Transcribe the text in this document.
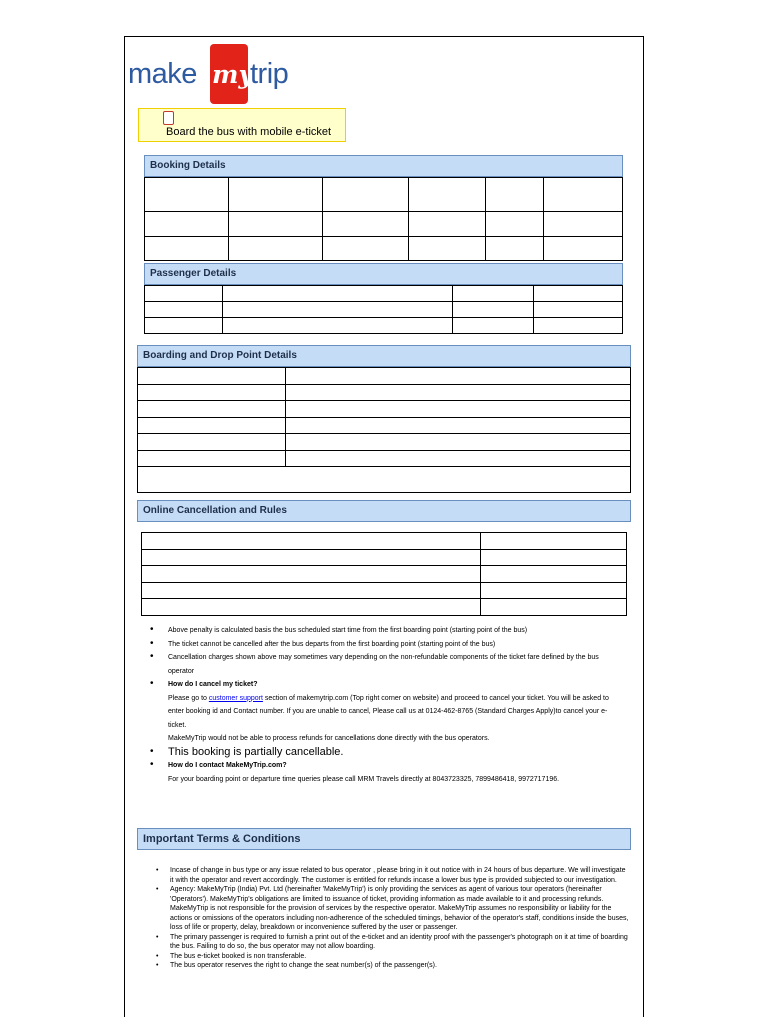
make my
trip
Board the bus with mobile e-ticket
Booking Details

Passenger Details

Boarding and Drop Point Details

Online Cancellation and Rules

• Above penalty is calculated basis the bus scheduled start time from the first boarding point (starting point of the bus)
• The ticket cannot be cancelled after the bus departs from the first boarding point (starting point of the bus)
• Cancellation charges shown above may sometimes vary depending on the non-refundable components of the ticket fare defined by the bus operator
• How do I cancel my ticket?
Please go to customer support section of makemytrip.com (Top right corner on website) and proceed to cancel your ticket. You will be asked to enter booking id and Contact number. If you are unable to cancel, Please call us at 0124-462-8765 (Standard Charges Apply)to cancel your e-ticket.
MakeMyTrip would not be able to process refunds for cancellations done directly with the bus operators.
• This booking is partially cancellable.
• How do I contact MakeMyTrip.com?
For your boarding point or departure time queries please call MRM Travels directly at 8043723325, 7899486418, 9972717196.
Important Terms & Conditions
• Incase of change in bus type or any issue related to bus operator , please bring in it out notice with in 24 hours of bus departure. We will investigate it with the operator and revert accordingly. The customer is entitled for refunds incase a lower bus type is provided subjected to our investigation.
• Agency: MakeMyTrip (India) Pvt. Ltd (hereinafter 'MakeMyTrip') is only providing the services as agent of various tour operators (hereinafter 'Operators'). MakeMyTrip's obligations are limited to issuance of ticket, providing information as made available to it and processing refunds. MakeMyTrip is not responsible for the provision of services by the respective operator. MakeMyTrip assumes no responsibility or liability for the actions or omissions of the operators including non-adherence of the scheduled timings, behavior of the operator's staff, conditions inside the buses, loss of life or property, delay, breakdown or inconvenience suffered by the user or passenger.
• The primary passenger is required to furnish a print out of the e-ticket and an identity proof with the passenger's photograph on it at time of boarding the bus. Failing to do so, the bus operator may not allow boarding.
• The bus e-ticket booked is non transferable.
• The bus operator reserves the right to change the seat number(s) of the passenger(s).
